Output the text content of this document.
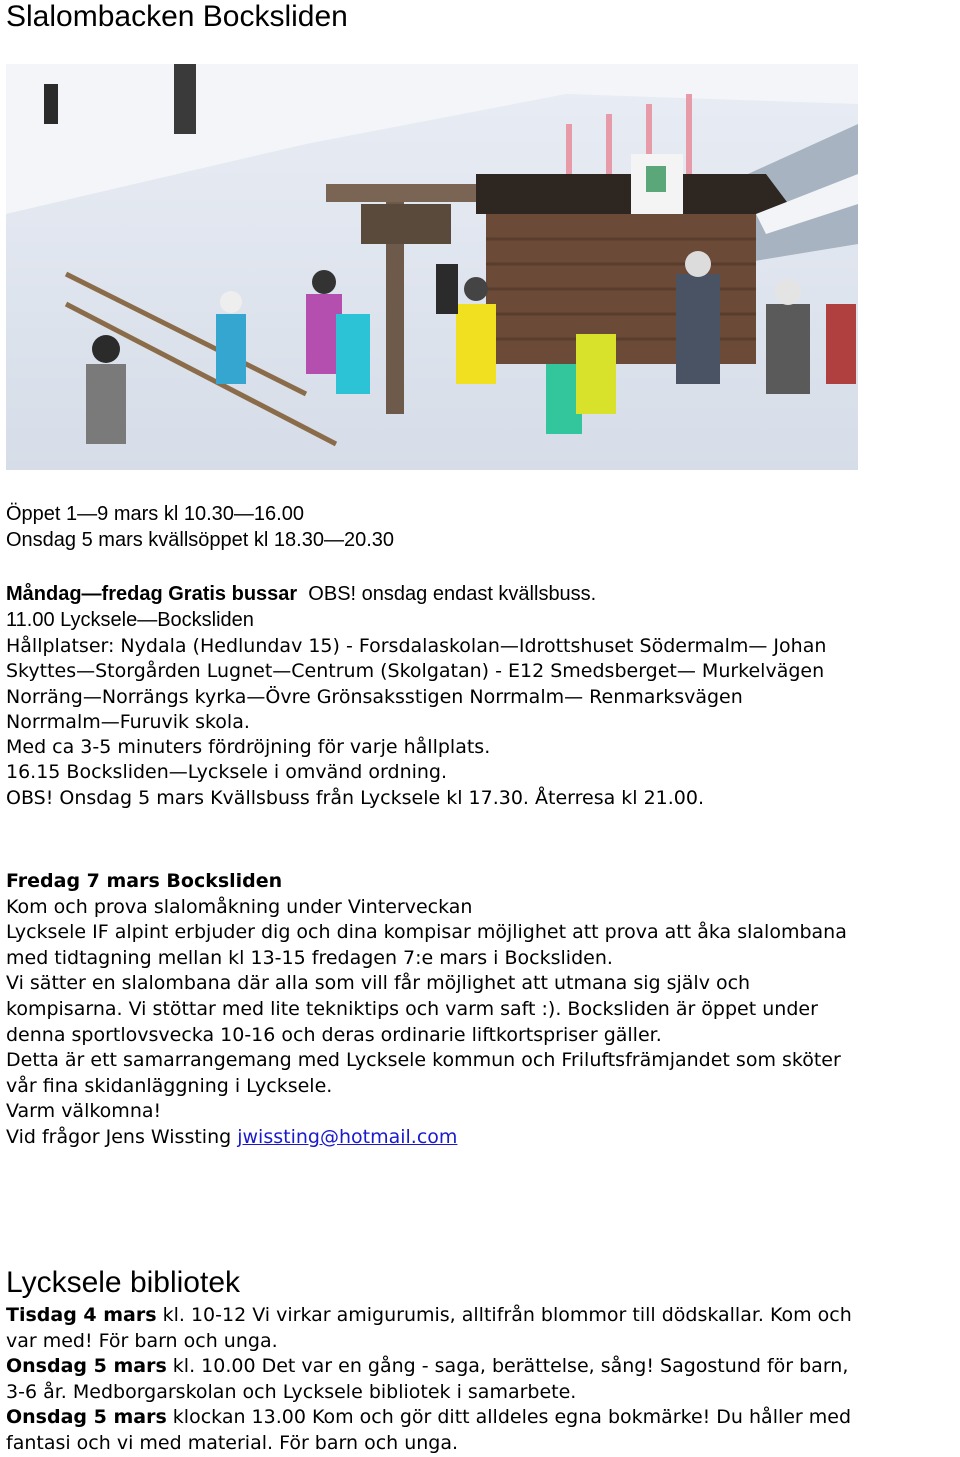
Slalombacken Bocksliden
Öppet 1—9 mars kl 10.30—16.00
Onsdag 5 mars kvällsöppet kl 18.30—20.30
Måndag—fredag Gratis bussar  OBS! onsdag endast kvällsbuss.
11.00 Lycksele—Bocksliden
Hållplatser: Nydala (Hedlundav 15) - Forsdalaskolan—Idrottshuset Södermalm— Johan
Skyttes—Storgården Lugnet—Centrum (Skolgatan) - E12 Smedsberget— Murkelvägen
Norräng—Norrängs kyrka—Övre Grönsaksstigen Norrmalm— Renmarksvägen
Norrmalm—Furuvik skola.
Med ca 3-5 minuters fördröjning för varje hållplats.
16.15 Bocksliden—Lycksele i omvänd ordning.
OBS! Onsdag 5 mars Kvällsbuss från Lycksele kl 17.30. Återresa kl 21.00.
Fredag 7 mars Bocksliden
Kom och prova slalomåkning under Vinterveckan
Lycksele IF alpint erbjuder dig och dina kompisar möjlighet att prova att åka slalombana
med tidtagning mellan kl 13-15 fredagen 7:e mars i Bocksliden.
Vi sätter en slalombana där alla som vill får möjlighet att utmana sig själv och
kompisarna. Vi stöttar med lite tekniktips och varm saft :). Bocksliden är öppet under
denna sportlovsvecka 10-16 och deras ordinarie liftkortspriser gäller.
Detta är ett samarrangemang med Lycksele kommun och Friluftsfrämjandet som sköter
vår fina skidanläggning i Lycksele.
Varm välkomna!
Vid frågor Jens Wissting jwissting@hotmail.com
Lycksele bibliotek
Tisdag 4 mars kl. 10-12 Vi virkar amigurumis, alltifrån blommor till dödskallar. Kom och
var med! För barn och unga.
Onsdag 5 mars kl. 10.00 Det var en gång - saga, berättelse, sång! Sagostund för barn,
3-6 år. Medborgarskolan och Lycksele bibliotek i samarbete.
Onsdag 5 mars klockan 13.00 Kom och gör ditt alldeles egna bokmärke! Du håller med
fantasi och vi med material. För barn och unga.
